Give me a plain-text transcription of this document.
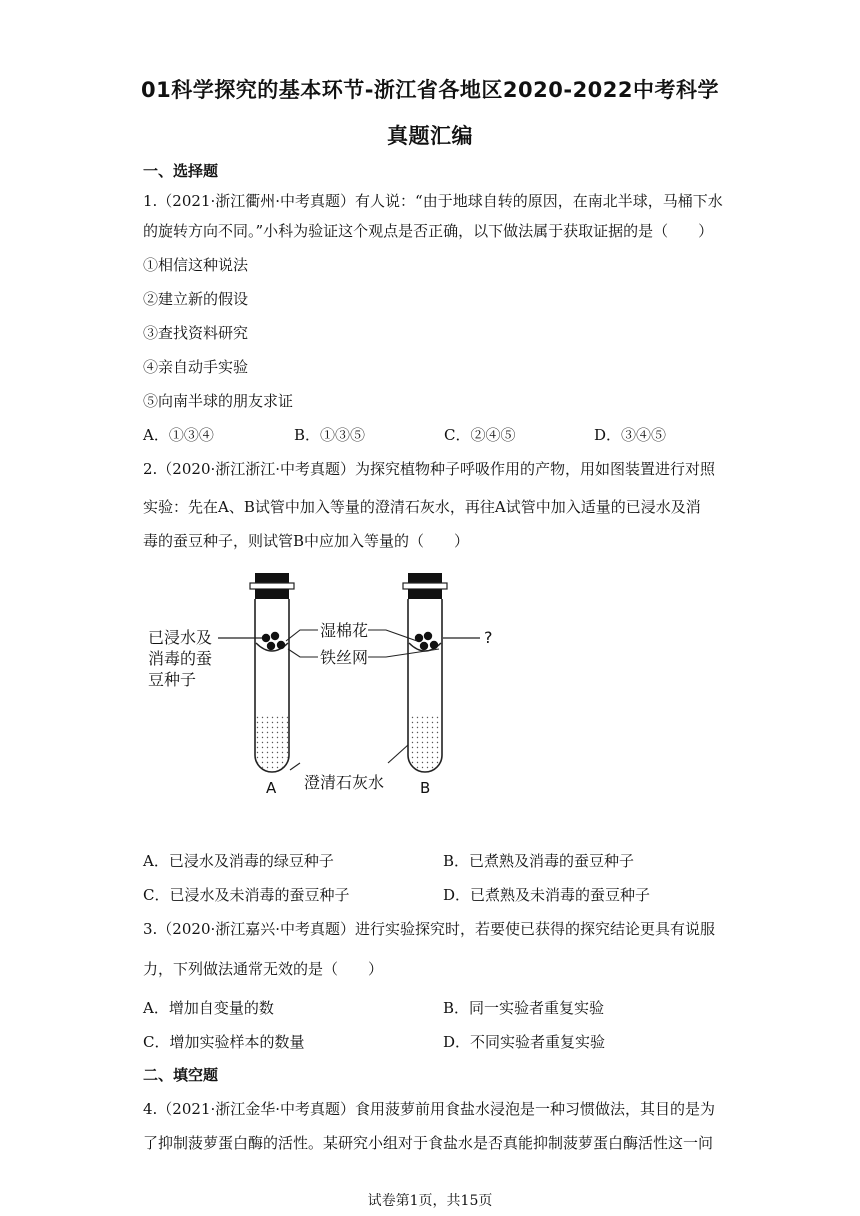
01科学探究的基本环节-浙江省各地区2020-2022中考科学
真题汇编
一、选择题
1.（2021·浙江衢州·中考真题）有人说：“由于地球自转的原因，在南北半球，马桶下水
的旋转方向不同。”小科为验证这个观点是否正确，以下做法属于获取证据的是（　　）
①相信这种说法
②建立新的假设
③查找资料研究
④亲自动手实验
⑤向南半球的朋友求证
A．①③④	B．①③⑤	C．②④⑤	D．③④⑤
2.（2020·浙江浙江·中考真题）为探究植物种子呼吸作用的产物，用如图装置进行对照
实验：先在A、B试管中加入等量的澄清石灰水，再往A试管中加入适量的已浸水及消
毒的蚕豆种子，则试管B中应加入等量的（　　）
已浸水及
消毒的蚕
豆种子
湿棉花
铁丝网
?
澄清石灰水
A	B
A．已浸水及消毒的绿豆种子	B．已煮熟及消毒的蚕豆种子
C．已浸水及未消毒的蚕豆种子	D．已煮熟及未消毒的蚕豆种子
3.（2020·浙江嘉兴·中考真题）进行实验探究时，若要使已获得的探究结论更具有说服
力，下列做法通常无效的是（　　）
A．增加自变量的数	B．同一实验者重复实验
C．增加实验样本的数量	D．不同实验者重复实验
二、填空题
4.（2021·浙江金华·中考真题）食用菠萝前用食盐水浸泡是一种习惯做法，其目的是为
了抑制菠萝蛋白酶的活性。某研究小组对于食盐水是否真能抑制菠萝蛋白酶活性这一问
试卷第1页，共15页
